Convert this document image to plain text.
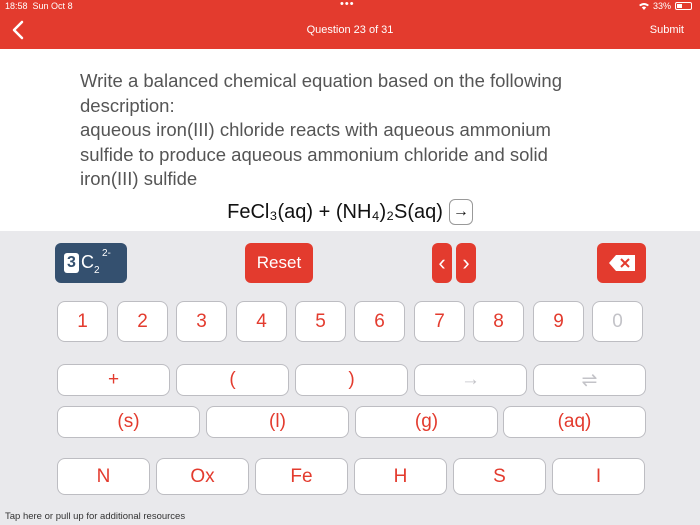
18:58 Sun Oct 8	•••	33%
Question 23 of 31	Submit

Write a balanced chemical equation based on the following
description:
aqueous iron(III) chloride reacts with aqueous ammonium
sulfide to produce aqueous ammonium chloride and solid
iron(III) sulfide

FeCl₃(aq) + (NH₄)₂S(aq) →
3 C 2
2-	Reset	‹ ›
1	2	3	4	5	6	7	8	9	0
+	(	)	→	⇌
(s)	(l)	(g)	(aq)
N	Ox	Fe	H	S	I
Tap here or pull up for additional resources
